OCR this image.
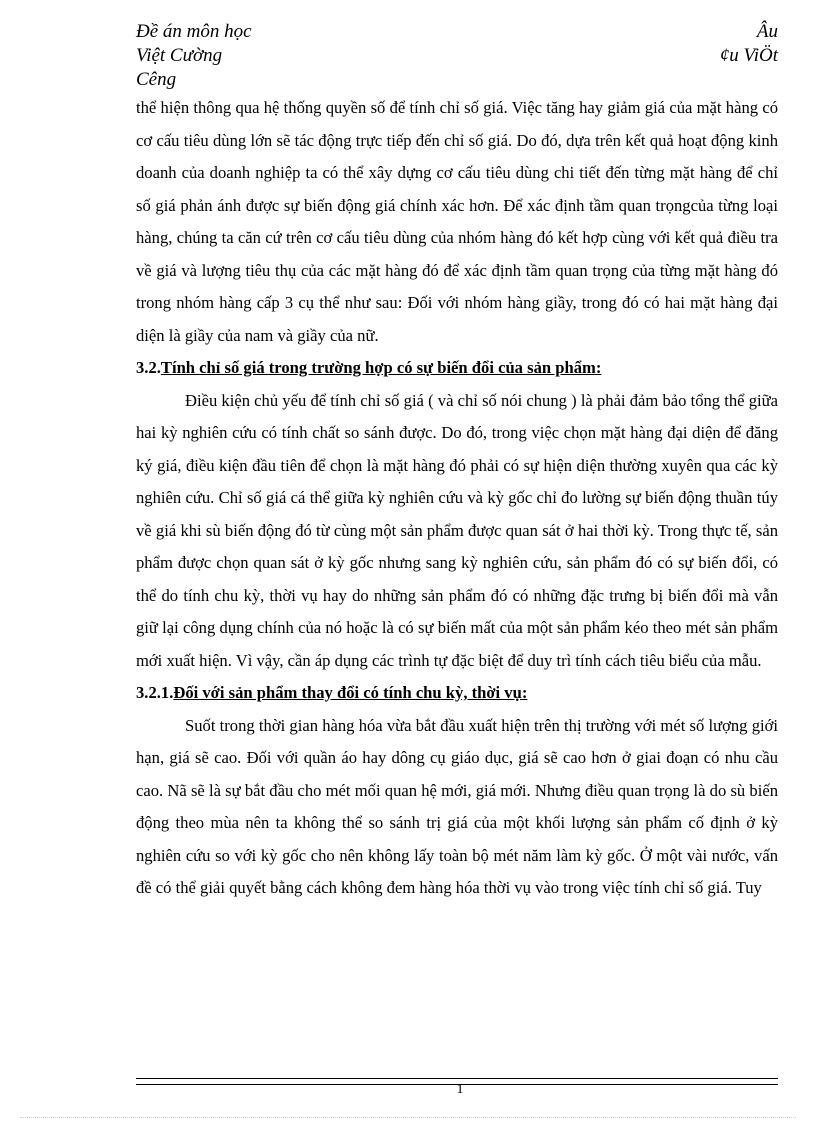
Đề án môn học	Âu
Việt Cường	¢u ViÖt
Cêng

thể hiện thông qua hệ thống quyền số để tính chỉ số giá. Việc tăng hay giảm giá của mặt hàng có cơ cấu tiêu dùng lớn sẽ tác động trực tiếp đến chỉ số giá. Do đó, dựa trên kết quả hoạt động kinh doanh của doanh nghiệp ta có thể xây dựng cơ cấu tiêu dùng chi tiết đến từng mặt hàng để chỉ số giá phản ánh được sự biến động giá chính xác hơn. Để xác định tầm quan trọngcủa từng loại hàng, chúng ta căn cứ trên cơ cấu tiêu dùng của nhóm hàng đó kết hợp cùng với kết quả điều tra về giá và lượng tiêu thụ của các mặt hàng đó để xác định tầm quan trọng của từng mặt hàng đó trong nhóm hàng cấp 3 cụ thể như sau: Đối với nhóm hàng giầy, trong đó có hai mặt hàng đại diện là giầy của nam và giầy của nữ.

3.2.Tính chỉ số giá trong trường hợp có sự biến đổi của sản phẩm:

Điều kiện chủ yếu để tính chỉ số giá ( và chỉ số nói chung ) là phải đảm bảo tổng thể giữa hai kỳ nghiên cứu có tính chất so sánh được. Do đó, trong việc chọn mặt hàng đại diện để đăng ký giá, điều kiện đầu tiên để chọn là mặt hàng đó phải có sự hiện diện thường xuyên qua các kỳ nghiên cứu. Chỉ số giá cá thể giữa kỳ nghiên cứu và kỳ gốc chỉ đo lường sự biến động thuần túy về giá khi sù biến động đó từ cùng một sản phẩm được quan sát ở hai thời kỳ. Trong thực tế, sản phẩm được chọn quan sát ở kỳ gốc nhưng sang kỳ nghiên cứu, sản phẩm đó có sự biến đổi, có thể do tính chu kỳ, thời vụ hay do những sản phẩm đó có những đặc trưng bị biến đổi mà vẫn giữ lại công dụng chính của nó hoặc là có sự biến mất của một sản phẩm kéo theo mét sản phẩm mới xuất hiện. Vì vậy, cần áp dụng các trình tự đặc biệt để duy trì tính cách tiêu biểu của mẫu.

3.2.1.Đối với sản phẩm thay đổi có tính chu kỳ, thời vụ:

Suốt trong thời gian hàng hóa vừa bắt đầu xuất hiện trên thị trường với mét số lượng giới hạn, giá sẽ cao. Đối với quần áo hay dông cụ giáo dục, giá sẽ cao hơn ở giai đoạn có nhu cầu cao. Nã sẽ là sự bắt đầu cho mét mối quan hệ mới, giá mới. Nhưng điều quan trọng là do sù biến động theo mùa nên ta không thể so sánh trị giá của một khối lượng sản phẩm cố định ở kỳ nghiên cứu so với kỳ gốc cho nên không lấy toàn bộ mét năm làm kỳ gốc. Ở một vài nước, vấn đề có thể giải quyết bằng cách không đem hàng hóa thời vụ vào trong việc tính chỉ số giá. Tuy

1
